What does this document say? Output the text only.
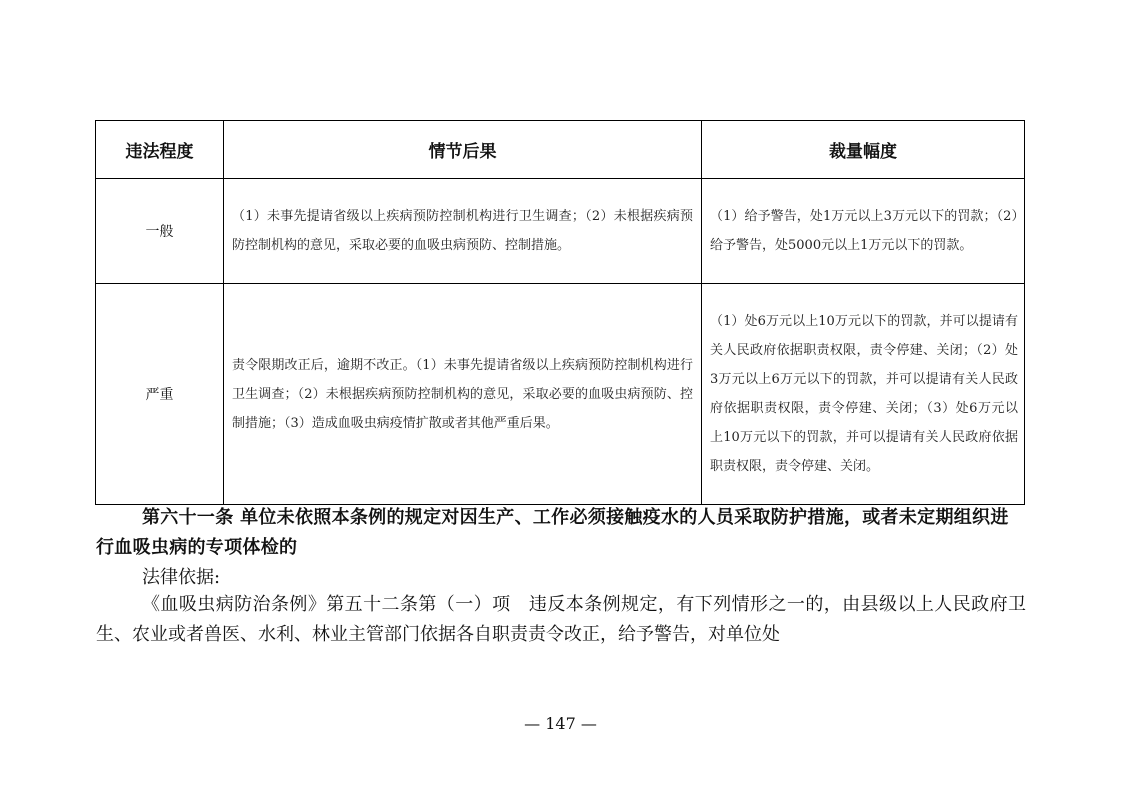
违法程度	情节后果	裁量幅度
一般	（1）未事先提请省级以上疾病预防控制机构进行卫生调查；（2）未根据疾病预防控制机构的意见，采取必要的血吸虫病预防、控制措施。	（1）给予警告，处1万元以上3万元以下的罚款；（2）给予警告，处5000元以上1万元以下的罚款。
严重	责令限期改正后，逾期不改正。（1）未事先提请省级以上疾病预防控制机构进行卫生调查；（2）未根据疾病预防控制机构的意见，采取必要的血吸虫病预防、控制措施；（3）造成血吸虫病疫情扩散或者其他严重后果。	（1）处6万元以上10万元以下的罚款，并可以提请有关人民政府依据职责权限，责令停建、关闭；（2）处3万元以上6万元以下的罚款，并可以提请有关人民政府依据职责权限，责令停建、关闭；（3）处6万元以上10万元以下的罚款，并可以提请有关人民政府依据职责权限，责令停建、关闭。
第六十一条 单位未依照本条例的规定对因生产、工作必须接触疫水的人员采取防护措施，或者未定期组织进行血吸虫病的专项体检的
法律依据:
《血吸虫病防治条例》第五十二条第（一）项　违反本条例规定，有下列情形之一的，由县级以上人民政府卫生、农业或者兽医、水利、林业主管部门依据各自职责责令改正，给予警告，对单位处
— 147 —
